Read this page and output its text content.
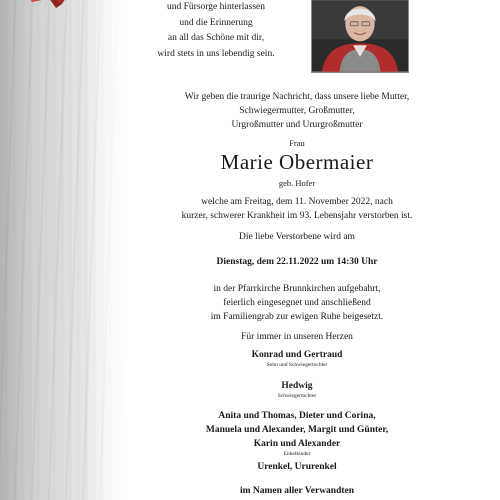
und Fürsorge hinterlassen
und die Erinnerung
an all das Schöne mit dir,
wird stets in uns lebendig sein.
Wir geben die traurige Nachricht, dass unsere liebe Mutter,
Schwiegermutter, Großmutter,
Urgroßmutter und Ururgroßmutter
Frau
Marie Obermaier
geb. Hofer
welche am Freitag, dem 11. November 2022, nach
kurzer, schwerer Krankheit im 93. Lebensjahr verstorben ist.
Die liebe Verstorbene wird am
Dienstag, dem 22.11.2022 um 14:30 Uhr
in der Pfarrkirche Brunnkirchen aufgebahrt,
feierlich eingesegnet und anschließend
im Familiengrab zur ewigen Ruhe beigesetzt.
Für immer in unseren Herzen
Konrad und Gertraud
Sohn und Schwiegertochter
Hedwig
Schwiegertochter
Anita und Thomas, Dieter und Corina,
Manuela und Alexander, Margit und Günter,
Karin und Alexander
Enkelkinder
Urenkel, Ururenkel
im Namen aller Verwandten
